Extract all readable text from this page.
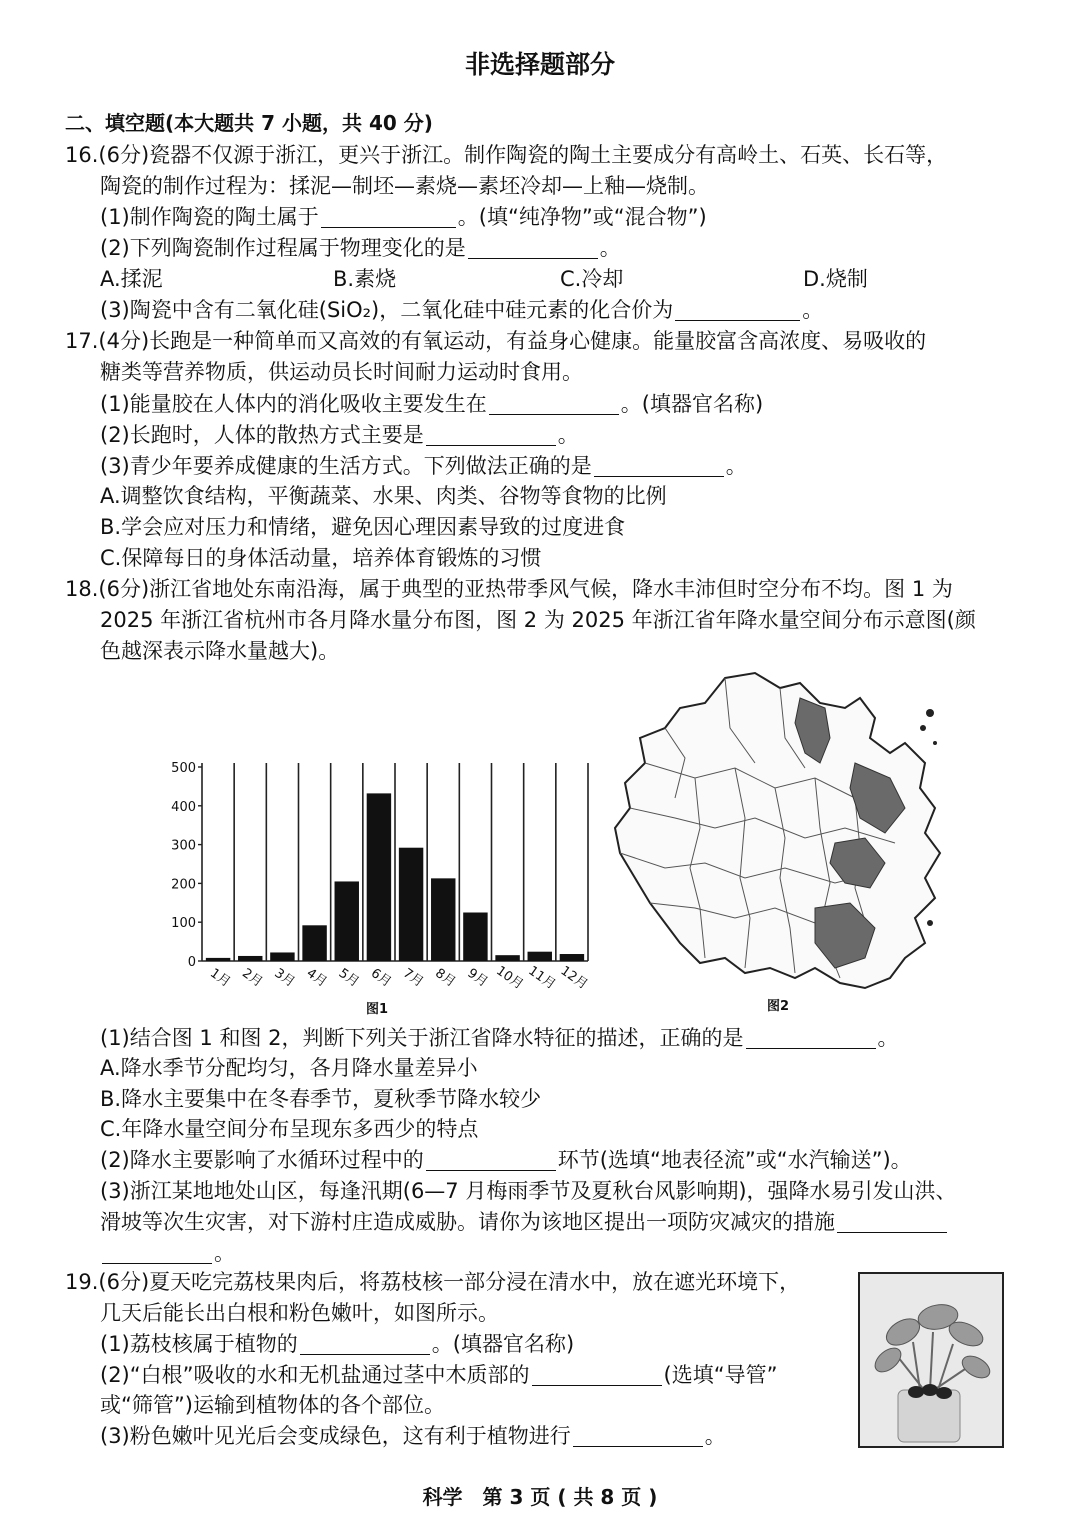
非选择题部分
二、填空题(本大题共 7 小题，共 40 分)
16.(6分)瓷器不仅源于浙江，更兴于浙江。制作陶瓷的陶土主要成分有高岭土、石英、长石等，
陶瓷的制作过程为：揉泥—制坯—素烧—素坯冷却—上釉—烧制。
(1)制作陶瓷的陶土属于	。(填“纯净物”或“混合物”)
(2)下列陶瓷制作过程属于物理变化的是	。
A.揉泥	B.素烧	C.冷却	D.烧制
(3)陶瓷中含有二氧化硅(SiO₂)，二氧化硅中硅元素的化合价为	。
17.(4分)长跑是一种简单而又高效的有氧运动，有益身心健康。能量胶富含高浓度、易吸收的
糖类等营养物质，供运动员长时间耐力运动时食用。
(1)能量胶在人体内的消化吸收主要发生在	。(填器官名称)
(2)长跑时，人体的散热方式主要是	。
(3)青少年要养成健康的生活方式。下列做法正确的是	。
A.调整饮食结构，平衡蔬菜、水果、肉类、谷物等食物的比例
B.学会应对压力和情绪，避免因心理因素导致的过度进食
C.保障每日的身体活动量，培养体育锻炼的习惯
18.(6分)浙江省地处东南沿海，属于典型的亚热带季风气候，降水丰沛但时空分布不均。图 1 为
2025 年浙江省杭州市各月降水量分布图，图 2 为 2025 年浙江省年降水量空间分布示意图(颜
色越深表示降水量越大)。
0
100
200
300
400
500
1月 2月 3月 4月 5月 6月 7月 8月 9月 10月 11月 12月
图1	图2
(1)结合图 1 和图 2，判断下列关于浙江省降水特征的描述，正确的是	。
A.降水季节分配均匀，各月降水量差异小
B.降水主要集中在冬春季节，夏秋季节降水较少
C.年降水量空间分布呈现东多西少的特点
(2)降水主要影响了水循环过程中的	环节(选填“地表径流”或“水汽输送”)。
(3)浙江某地地处山区，每逢汛期(6—7 月梅雨季节及夏秋台风影响期)，强降水易引发山洪、
滑坡等次生灾害，对下游村庄造成威胁。请你为该地区提出一项防灾减灾的措施
。
19.(6分)夏天吃完荔枝果肉后，将荔枝核一部分浸在清水中，放在遮光环境下，
几天后能长出白根和粉色嫩叶，如图所示。
(1)荔枝核属于植物的	。(填器官名称)
(2)“白根”吸收的水和无机盐通过茎中木质部的	(选填“导管”
或“筛管”)运输到植物体的各个部位。
(3)粉色嫩叶见光后会变成绿色，这有利于植物进行	。
科学　第 3 页 ( 共 8 页 )
